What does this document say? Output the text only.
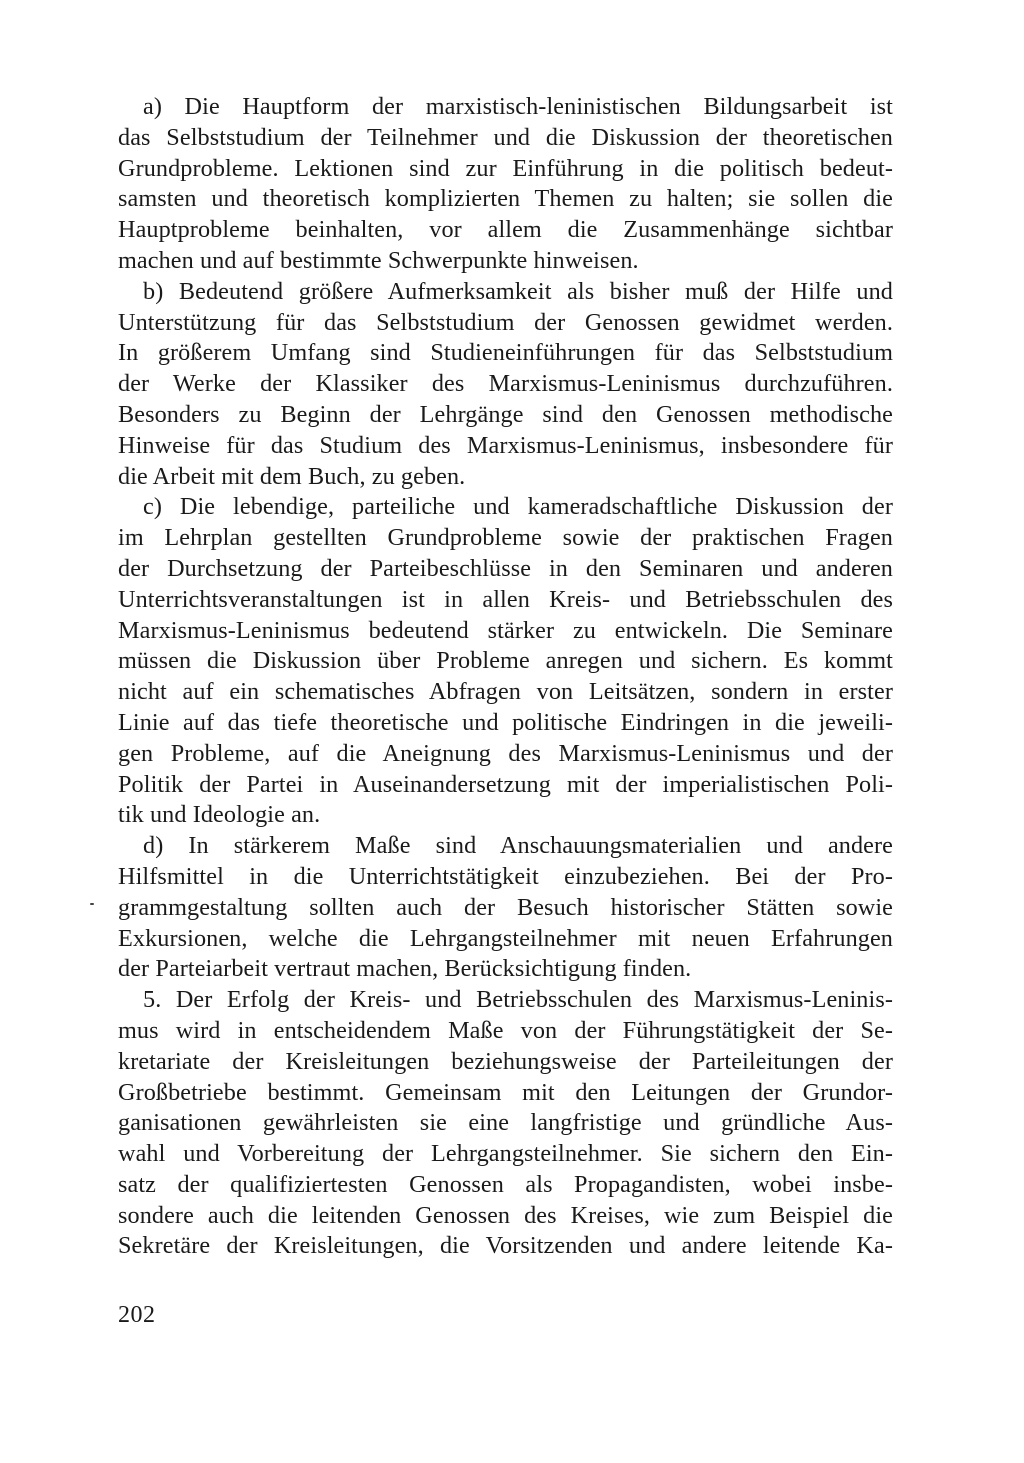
a) Die Hauptform der marxistisch-leninistischen Bildungsarbeit ist
das Selbststudium der Teilnehmer und die Diskussion der theoretischen
Grundprobleme. Lektionen sind zur Einführung in die politisch bedeut-
samsten und theoretisch komplizierten Themen zu halten; sie sollen die
Hauptprobleme beinhalten, vor allem die Zusammenhänge sichtbar
machen und auf bestimmte Schwerpunkte hinweisen.
b) Bedeutend größere Aufmerksamkeit als bisher muß der Hilfe und
Unterstützung für das Selbststudium der Genossen gewidmet werden.
In größerem Umfang sind Studieneinführungen für das Selbststudium
der Werke der Klassiker des Marxismus-Leninismus durchzuführen.
Besonders zu Beginn der Lehrgänge sind den Genossen methodische
Hinweise für das Studium des Marxismus-Leninismus, insbesondere für
die Arbeit mit dem Buch, zu geben.
c) Die lebendige, parteiliche und kameradschaftliche Diskussion der
im Lehrplan gestellten Grundprobleme sowie der praktischen Fragen
der Durchsetzung der Parteibeschlüsse in den Seminaren und anderen
Unterrichtsveranstaltungen ist in allen Kreis- und Betriebsschulen des
Marxismus-Leninismus bedeutend stärker zu entwickeln. Die Seminare
müssen die Diskussion über Probleme anregen und sichern. Es kommt
nicht auf ein schematisches Abfragen von Leitsätzen, sondern in erster
Linie auf das tiefe theoretische und politische Eindringen in die jeweili-
gen Probleme, auf die Aneignung des Marxismus-Leninismus und der
Politik der Partei in Auseinandersetzung mit der imperialistischen Poli-
tik und Ideologie an.
d) In stärkerem Maße sind Anschauungsmaterialien und andere
Hilfsmittel in die Unterrichtstätigkeit einzubeziehen. Bei der Pro-
grammgestaltung sollten auch der Besuch historischer Stätten sowie
Exkursionen, welche die Lehrgangsteilnehmer mit neuen Erfahrungen
der Parteiarbeit vertraut machen, Berücksichtigung finden.
5. Der Erfolg der Kreis- und Betriebsschulen des Marxismus-Leninis-
mus wird in entscheidendem Maße von der Führungstätigkeit der Se-
kretariate der Kreisleitungen beziehungsweise der Parteileitungen der
Großbetriebe bestimmt. Gemeinsam mit den Leitungen der Grundor-
ganisationen gewährleisten sie eine langfristige und gründliche Aus-
wahl und Vorbereitung der Lehrgangsteilnehmer. Sie sichern den Ein-
satz der qualifiziertesten Genossen als Propagandisten, wobei insbe-
sondere auch die leitenden Genossen des Kreises, wie zum Beispiel die
Sekretäre der Kreisleitungen, die Vorsitzenden und andere leitende Ka-
202
